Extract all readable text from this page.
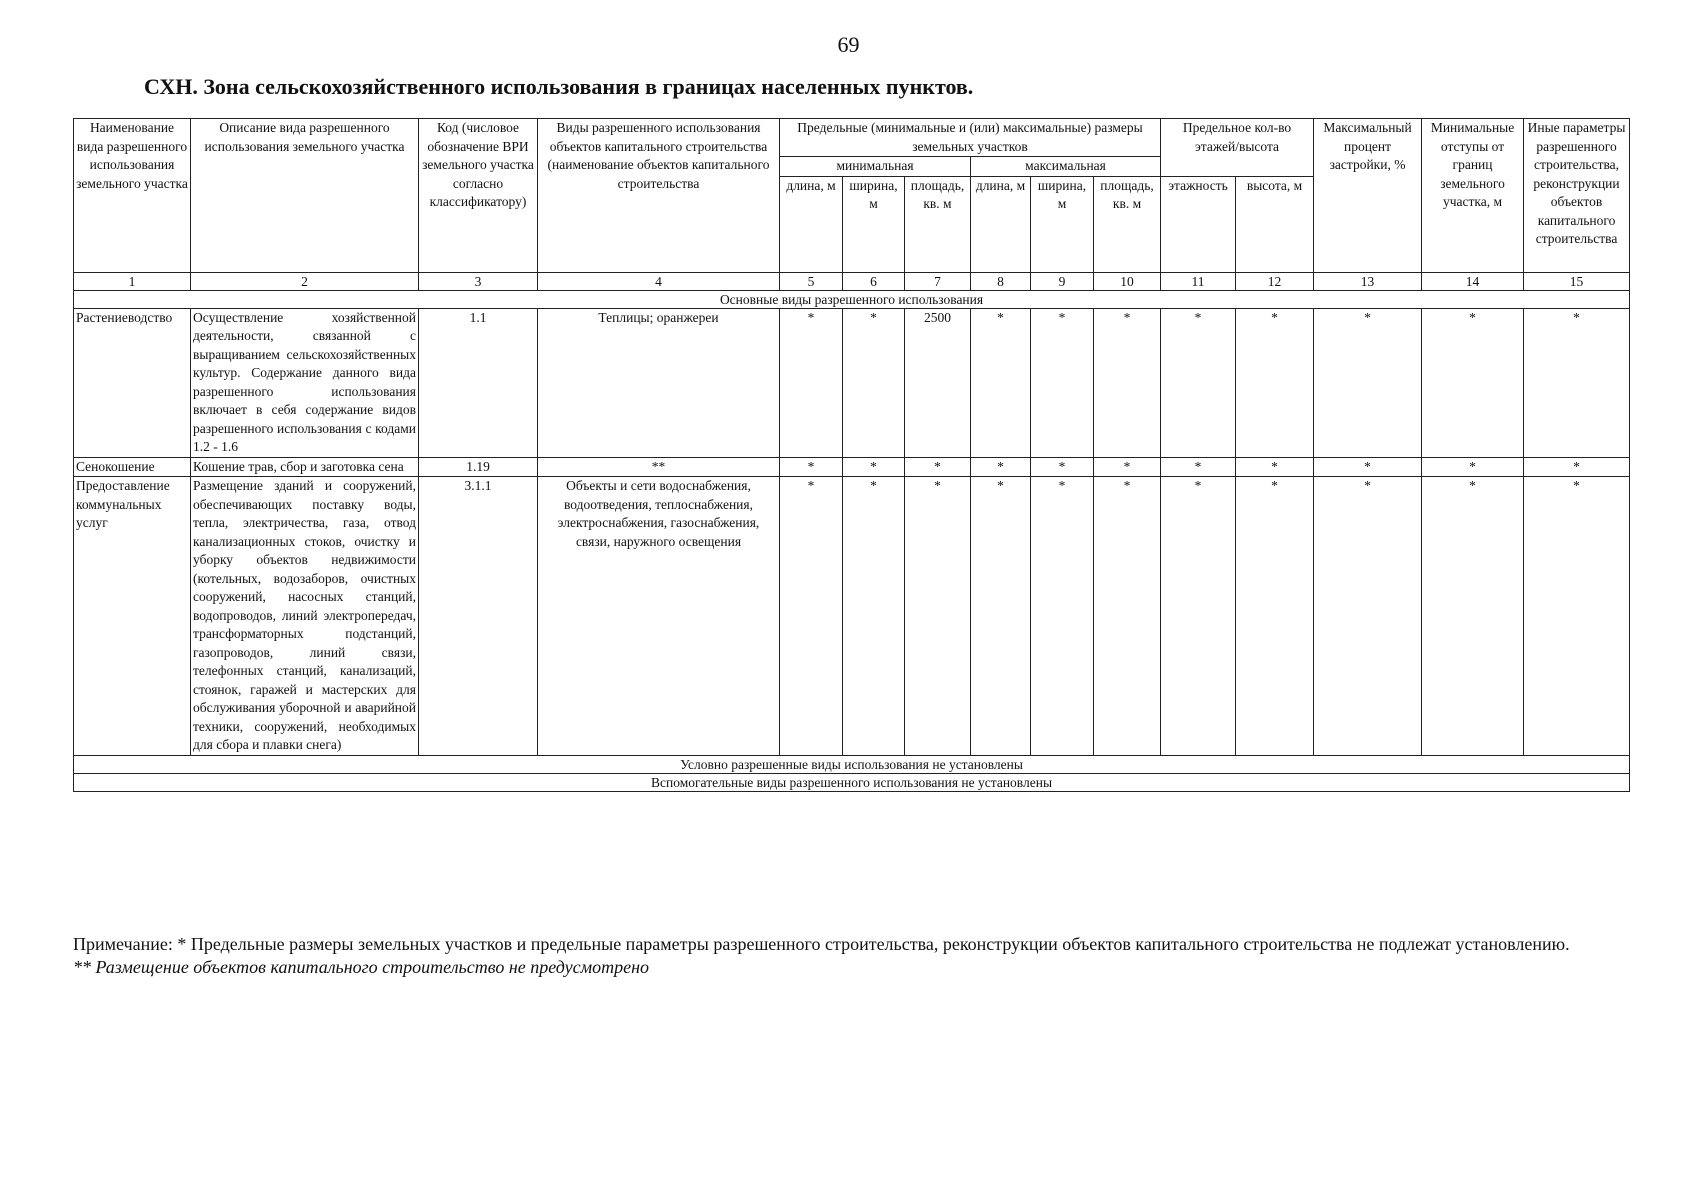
69
СХН. Зона сельскохозяйственного использования в границах населенных пунктов.
Наименование вида разрешенного использования земельного участка	Описание вида разрешенного использования земельного участка	Код (числовое обозначение ВРИ земельного участка согласно классификатору)	Виды разрешенного использования объектов капитального строительства (наименование объектов капитального строительства	Предельные (минимальные и (или) максимальные) размеры земельных участков						Предельное кол-во этажей/высота		Максимальный процент застройки, %	Минимальные отступы от границ земельного участка, м	Иные параметры разрешенного строительства, реконструкции объектов капитального строительства
				минимальная			максимальная							
				длина, м	ширина, м	площадь, кв. м	длина, м	ширина, м	площадь, кв. м	этажность	высота, м			
1	2	3	4	5	6	7	8	9	10	11	12	13	14	15
Основные виды разрешенного использования														
Растениеводство	Осуществление хозяйственной деятельности, связанной с выращиванием сельскохозяйственных культур. Содержание данного вида разрешенного использования включает в себя содержание видов разрешенного использования с кодами 1.2 - 1.6	1.1	Теплицы; оранжереи	*	*	2500	*	*	*	*	*	*	*	*
Сенокошение	Кошение трав, сбор и заготовка сена	1.19	**	*	*	*	*	*	*	*	*	*	*	*
Предоставление коммунальных услуг	Размещение зданий и сооружений, обеспечивающих поставку воды, тепла, электричества, газа, отвод канализационных стоков, очистку и уборку объектов недвижимости (котельных, водозаборов, очистных сооружений, насосных станций, водопроводов, линий электропередач, трансформаторных подстанций, газопроводов, линий связи, телефонных станций, канализаций, стоянок, гаражей и мастерских для обслуживания уборочной и аварийной техники, сооружений, необходимых для сбора и плавки снега)	3.1.1	Объекты и сети водоснабжения, водоотведения, теплоснабжения, электроснабжения, газоснабжения, связи, наружного освещения	*	*	*	*	*	*	*	*	*	*	*
Условно разрешенные виды использования не установлены														
Вспомогательные виды разрешенного использования не установлены														
Примечание: * Предельные размеры земельных участков и предельные параметры разрешенного строительства, реконструкции объектов капитального строительства не подлежат установлению.
** Размещение объектов капитального строительство не предусмотрено
